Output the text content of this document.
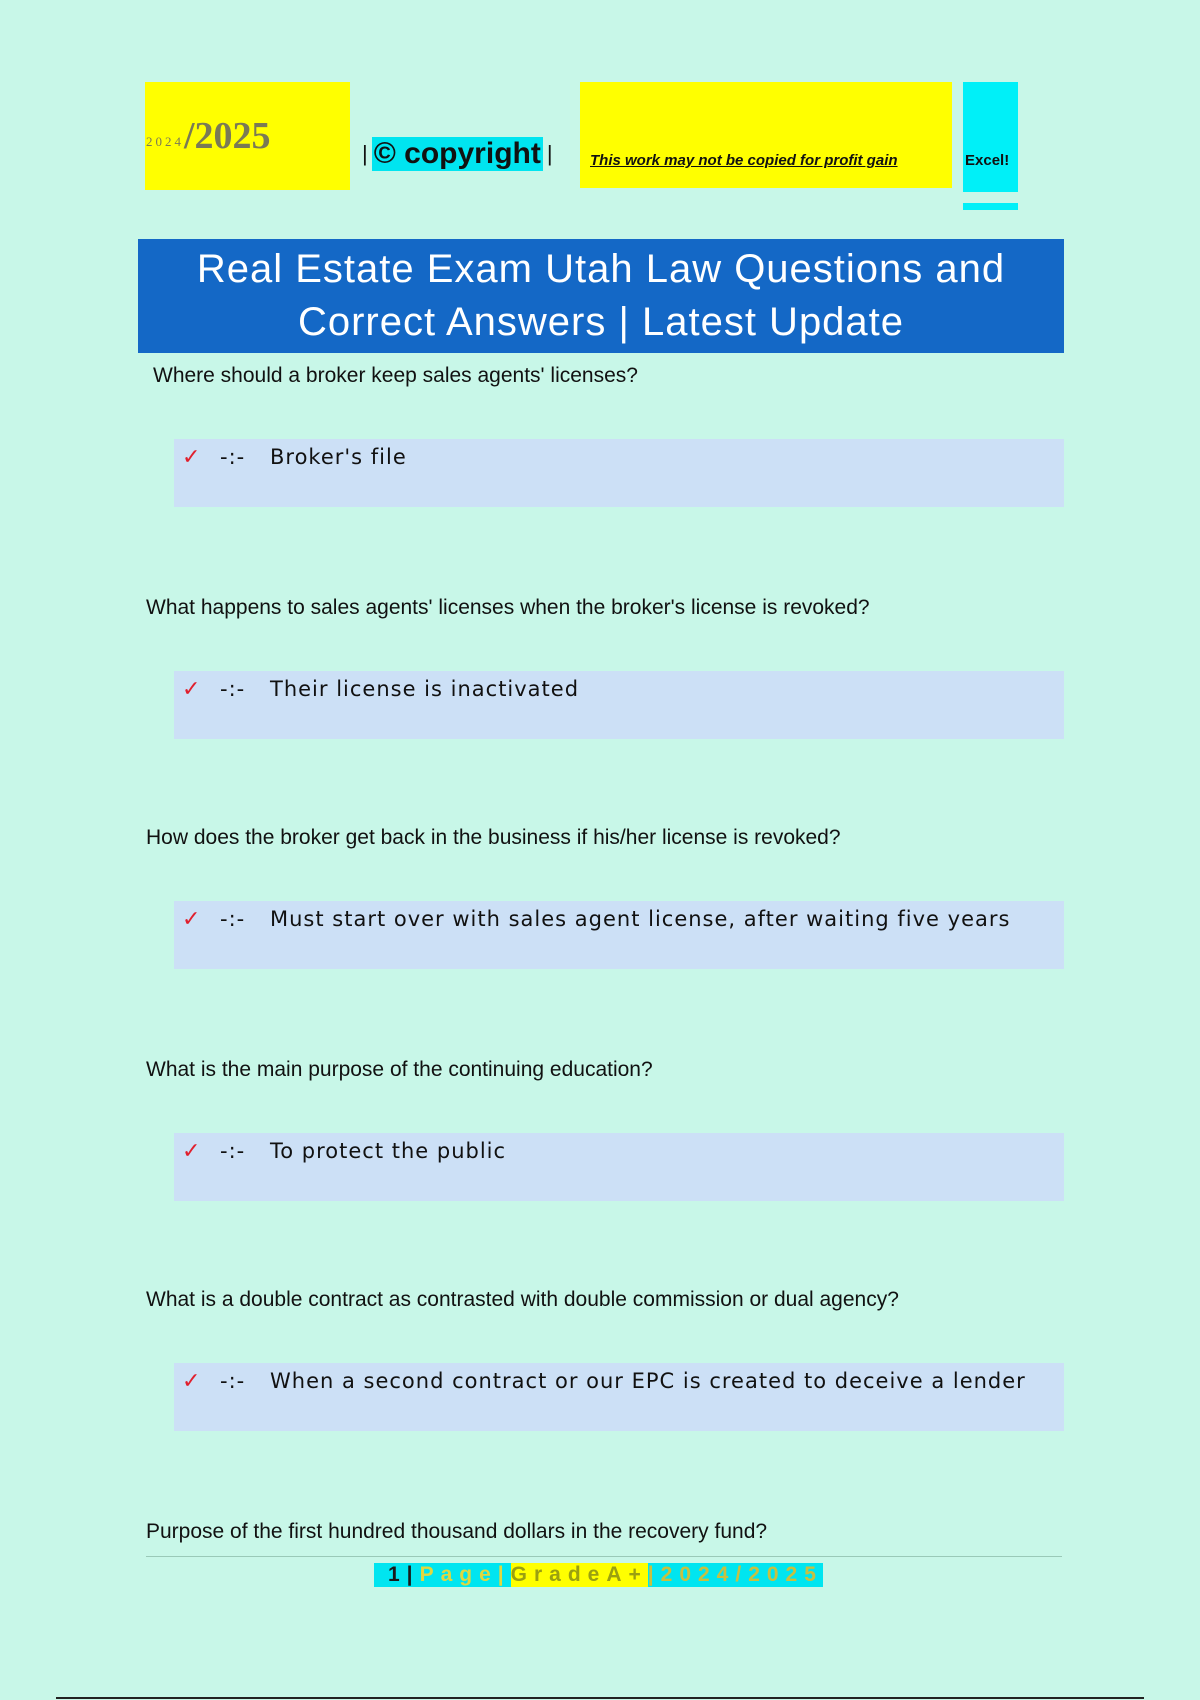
2024 /2025	| © copyright | This work may not be copied for profit gain	Excel!
Real Estate Exam Utah Law Questions and Correct Answers | Latest Update
Where should a broker keep sales agents' licenses?
✓ -:-	Broker's file
What happens to sales agents' licenses when the broker's license is revoked?
✓ -:-	Their license is inactivated
How does the broker get back in the business if his/her license is revoked?
✓ -:-	Must start over with sales agent license, after waiting five years
What is the main purpose of the continuing education?
✓ -:-	To protect the public
What is a double contract as contrasted with double commission or dual agency?
✓ -:-	When a second contract or our EPC is created to deceive a lender
Purpose of the first hundred thousand dollars in the recovery fund?
1| Page| GradeA+ |2024/2025
